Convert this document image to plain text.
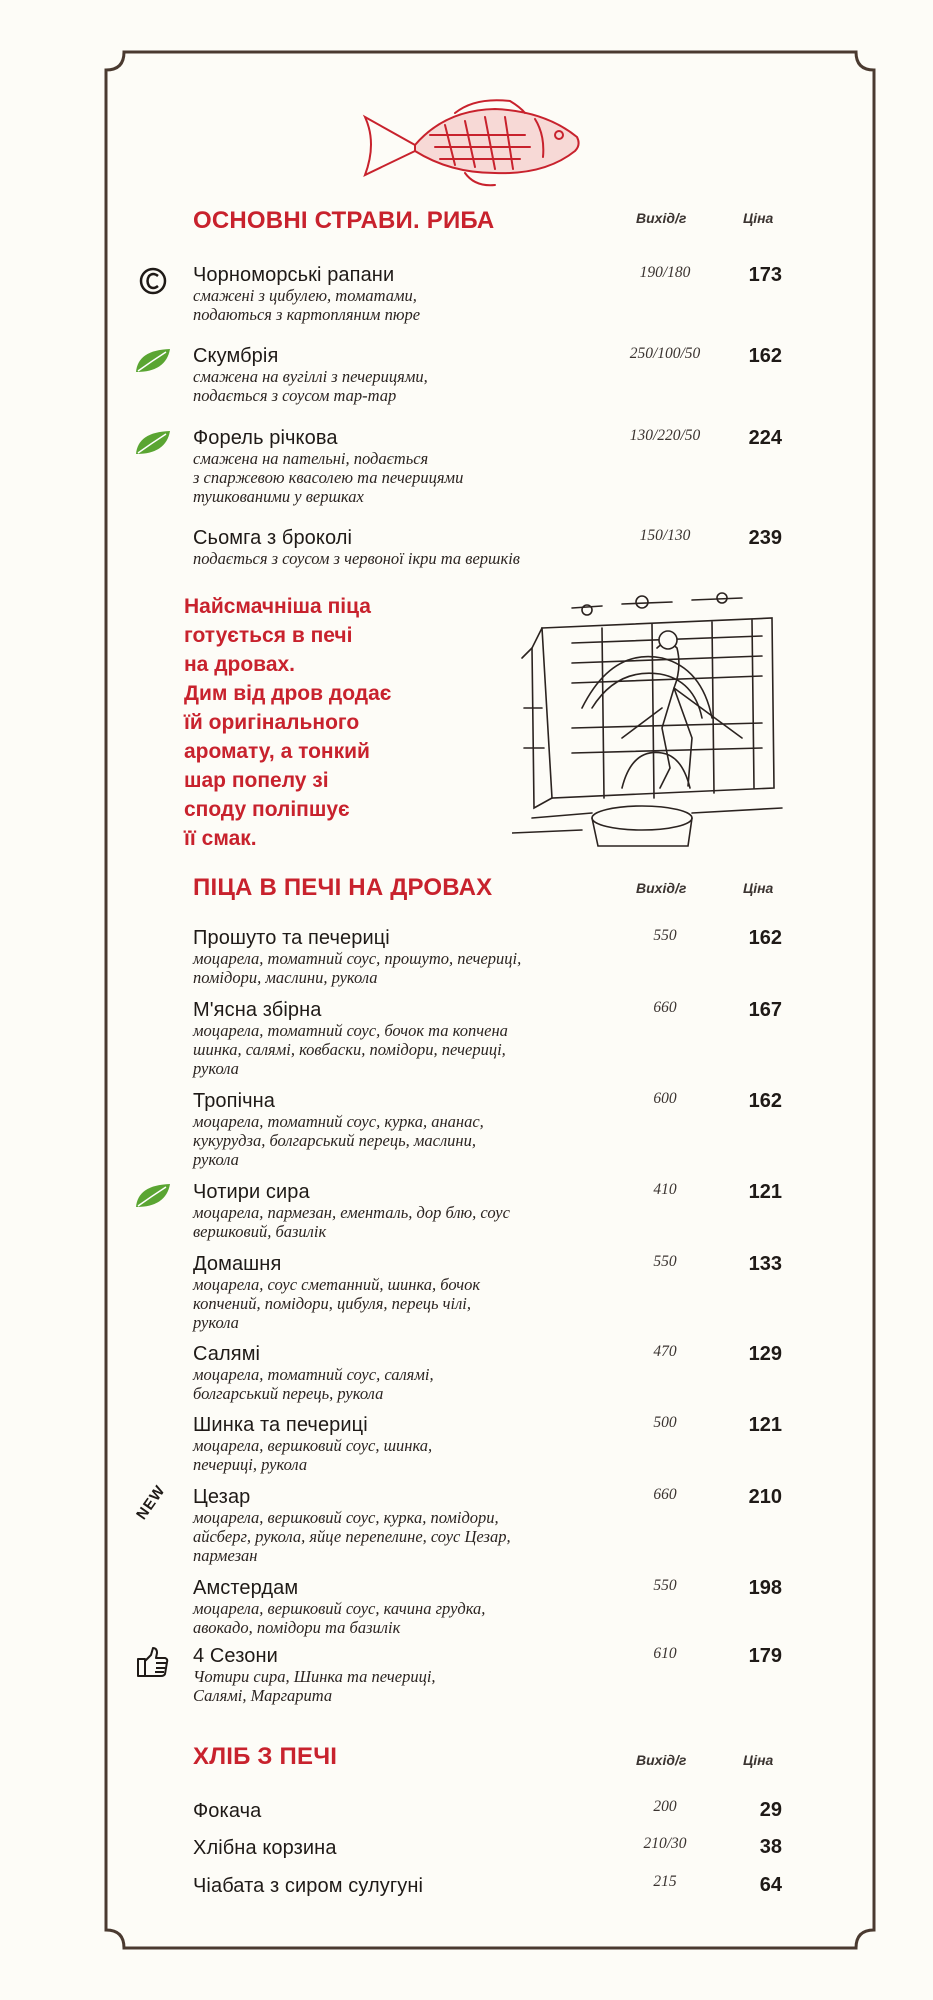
ОСНОВНІ СТРАВИ. РИБА	Вихід/г	Ціна
Чорноморські рапани
смажені з цибулею, томатами,
подаються з картопляним пюре
190/180	173
Скумбрія
смажена на вугіллі з печерицями,
подається з соусом тар-тар
250/100/50	162
Форель річкова
смажена на пательні, подається
з спаржевою квасолею та печерицями
тушкованими у вершках
130/220/50	224
Сьомга з броколі
подається з соусом з червоної ікри та вершків
150/130	239
Найсмачніша піца
готується в печі
на дровах.
Дим від дров додає
їй оригінального
аромату, а тонкий
шар попелу зі
споду поліпшує
її смак.
ПІЦА В ПЕЧІ НА ДРОВАХ	Вихід/г	Ціна
Прошуто та печериці
моцарела, томатний соус, прошуто, печериці,
помідори, маслини, рукола
550	162
М'ясна збірна
моцарела, томатний соус, бочок та копчена
шинка, салямі, ковбаски, помідори, печериці,
рукола
660	167
Тропічна
моцарела, томатний соус, курка, ананас,
кукурудза, болгарський перець, маслини,
рукола
600	162
Чотири сира
моцарела, пармезан, ементаль, дор блю, соус
вершковий, базилік
410	121
Домашня
моцарела, соус сметанний, шинка, бочок
копчений, помідори, цибуля, перець чілі,
рукола
550	133
Салямі
моцарела, томатний соус, салямі,
болгарський перець, рукола
470	129
Шинка та печериці
моцарела, вершковий соус, шинка,
печериці, рукола
500	121
NEW Цезар
моцарела, вершковий соус, курка, помідори,
айсберг, рукола, яйце перепелине, соус Цезар,
пармезан
660	210
Амстердам
моцарела, вершковий соус, качина грудка,
авокадо, помідори та базилік
550	198
4 Сезони
Чотири сира, Шинка та печериці,
Салямі, Маргарита
610	179
ХЛІБ З ПЕЧІ	Вихід/г	Ціна
Фокача	200	29
Хлібна корзина	210/30	38
Чіабата з сиром сулугуні	215	64
